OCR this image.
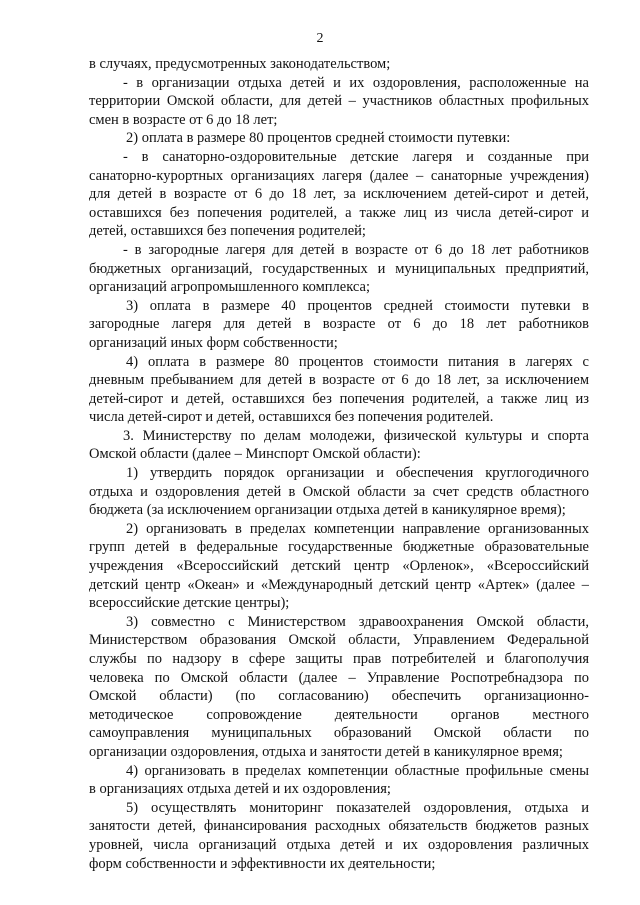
2
в случаях, предусмотренных законодательством;
- в организации отдыха детей и их оздоровления, расположенные на
территории Омской области, для детей – участников областных профильных
смен в возрасте от 6 до 18 лет;
2) оплата в размере 80 процентов средней стоимости путевки:
- в санаторно-оздоровительные детские лагеря и созданные при
санаторно-курортных организациях лагеря (далее – санаторные учреждения)
для детей в возрасте от 6 до 18 лет, за исключением детей-сирот и детей,
оставшихся без попечения родителей, а также лиц из числа детей-сирот и
детей, оставшихся без попечения родителей;
- в загородные лагеря для детей в возрасте от 6 до 18 лет работников
бюджетных организаций, государственных и муниципальных предприятий,
организаций агропромышленного комплекса;
3) оплата в размере 40 процентов средней стоимости путевки в
загородные лагеря для детей в возрасте от 6 до 18 лет работников
организаций иных форм собственности;
4) оплата в размере 80 процентов стоимости питания в лагерях с
дневным пребыванием для детей в возрасте от 6 до 18 лет, за исключением
детей-сирот и детей, оставшихся без попечения родителей, а также лиц из
числа детей-сирот и детей, оставшихся без попечения родителей.
3. Министерству по делам молодежи, физической культуры и спорта
Омской области (далее – Минспорт Омской области):
1) утвердить порядок организации и обеспечения круглогодичного
отдыха и оздоровления детей в Омской области за счет средств областного
бюджета (за исключением организации отдыха детей в каникулярное время);
2) организовать в пределах компетенции направление организованных
групп детей в федеральные государственные бюджетные образовательные
учреждения «Всероссийский детский центр «Орленок», «Всероссийский
детский центр «Океан» и «Международный детский центр «Артек» (далее –
всероссийские детские центры);
3) совместно с Министерством здравоохранения Омской области,
Министерством образования Омской области, Управлением Федеральной
службы по надзору в сфере защиты прав потребителей и благополучия
человека по Омской области (далее – Управление Роспотребнадзора по
Омской области) (по согласованию) обеспечить организационно-
методическое сопровождение деятельности органов местного
самоуправления муниципальных образований Омской области по
организации оздоровления, отдыха и занятости детей в каникулярное время;
4) организовать в пределах компетенции областные профильные смены
в организациях отдыха детей и их оздоровления;
5) осуществлять мониторинг показателей оздоровления, отдыха и
занятости детей, финансирования расходных обязательств бюджетов разных
уровней, числа организаций отдыха детей и их оздоровления различных
форм собственности и эффективности их деятельности;
